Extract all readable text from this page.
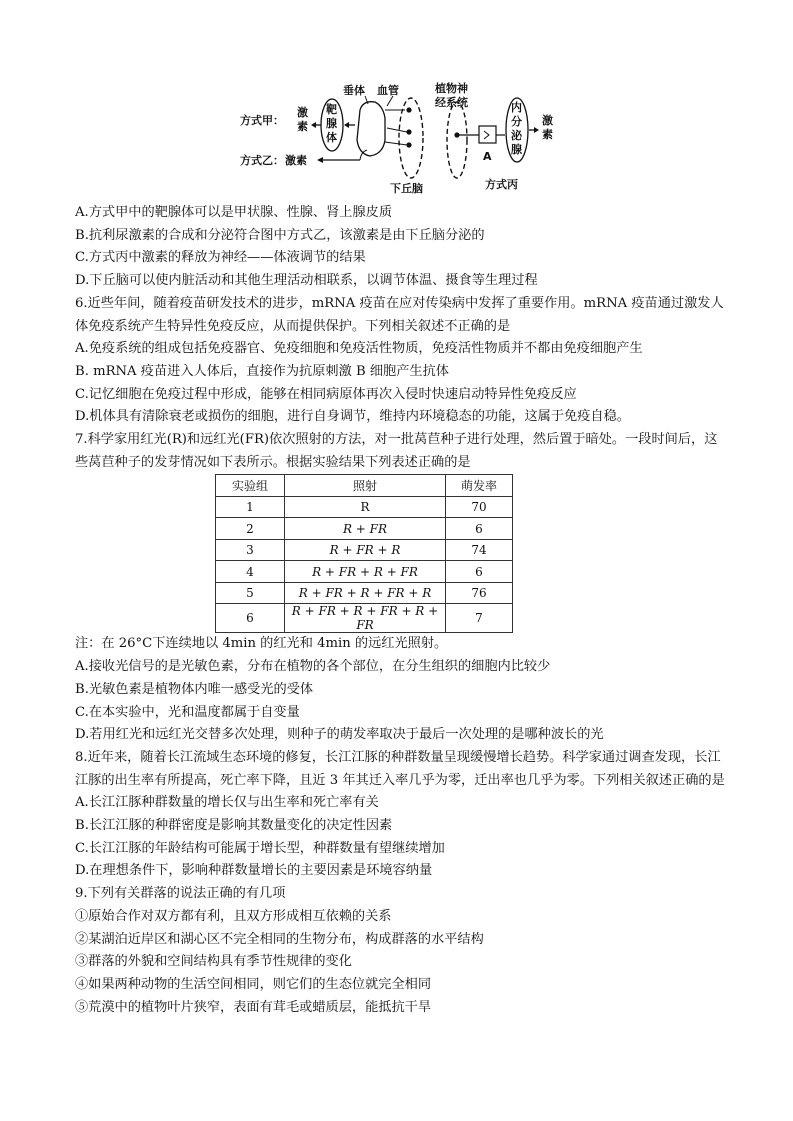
方式甲：
激
素
靶
腺
体
垂体 血管
下丘脑
方式乙： 激素
植物神
经系统
A
内
分
泌
腺
激
素
方式丙
A.方式甲中的靶腺体可以是甲状腺、性腺、肾上腺皮质
B.抗利尿激素的合成和分泌符合图中方式乙，该激素是由下丘脑分泌的
C.方式丙中激素的释放为神经——体液调节的结果
D.下丘脑可以使内脏活动和其他生理活动相联系，以调节体温、摄食等生理过程
6.近些年间，随着疫苗研发技术的进步，mRNA 疫苗在应对传染病中发挥了重要作用。mRNA 疫苗通过激发人体免疫系统产生特异性免疫反应，从而提供保护。下列相关叙述不正确的是
A.免疫系统的组成包括免疫器官、免疫细胞和免疫活性物质，免疫活性物质并不都由免疫细胞产生
B. mRNA 疫苗进入人体后，直接作为抗原刺激 B 细胞产生抗体
C.记忆细胞在免疫过程中形成，能够在相同病原体再次入侵时快速启动特异性免疫反应
D.机体具有清除衰老或损伤的细胞，进行自身调节，维持内环境稳态的功能，这属于免疫自稳。
7.科学家用红光(R)和远红光(FR)依次照射的方法，对一批莴苣种子进行处理，然后置于暗处。一段时间后，这些莴苣种子的发芽情况如下表所示。根据实验结果下列表述正确的是
实验组	照射	萌发率
1	R	70
2	R + FR	6
3	R + FR + R	74
4	R + FR + R + FR	6
5	R + FR + R + FR + R	76
6	R + FR + R + FR + R + FR	7
注：在 26°C下连续地以 4min 的红光和 4min 的远红光照射。
A.接收光信号的是光敏色素，分布在植物的各个部位，在分生组织的细胞内比较少
B.光敏色素是植物体内唯一感受光的受体
C.在本实验中，光和温度都属于自变量
D.若用红光和远红光交替多次处理，则种子的萌发率取决于最后一次处理的是哪种波长的光
8.近年来，随着长江流域生态环境的修复，长江江豚的种群数量呈现缓慢增长趋势。科学家通过调查发现，长江江豚的出生率有所提高，死亡率下降，且近 3 年其迁入率几乎为零，迁出率也几乎为零。下列相关叙述正确的是
A.长江江豚种群数量的增长仅与出生率和死亡率有关
B.长江江豚的种群密度是影响其数量变化的决定性因素
C.长江江豚的年龄结构可能属于增长型，种群数量有望继续增加
D.在理想条件下，影响种群数量增长的主要因素是环境容纳量
9.下列有关群落的说法正确的有几项
①原始合作对双方都有利，且双方形成相互依赖的关系
②某湖泊近岸区和湖心区不完全相同的生物分布，构成群落的水平结构
③群落的外貌和空间结构具有季节性规律的变化
④如果两种动物的生活空间相同，则它们的生态位就完全相同
⑤荒漠中的植物叶片狭窄，表面有茸毛或蜡质层，能抵抗干旱
